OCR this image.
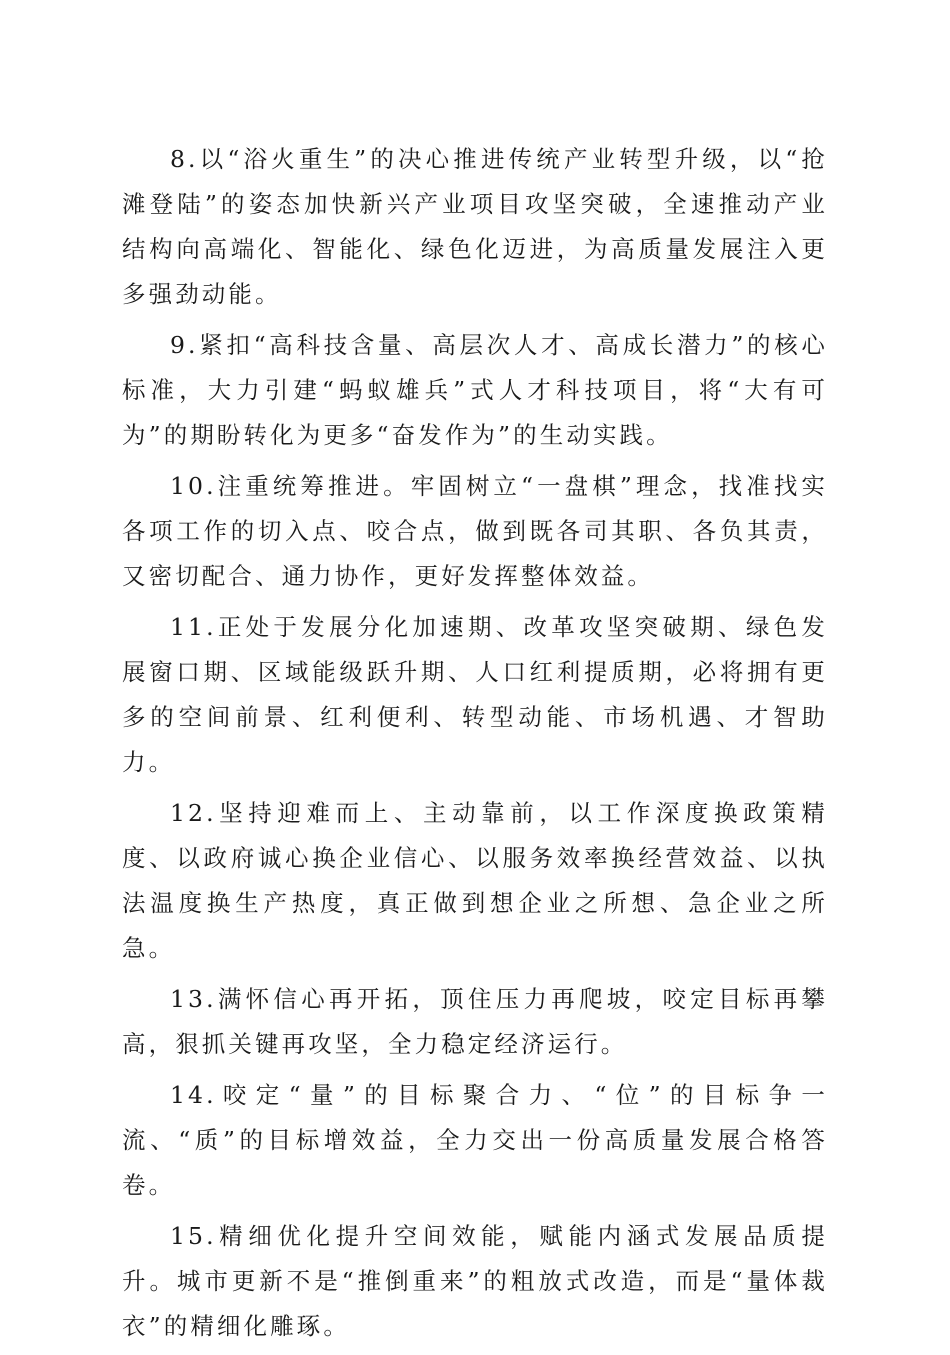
8.以“浴火重生”的决心推进传统产业转型升级，以“抢滩登陆”的姿态加快新兴产业项目攻坚突破，全速推动产业结构向高端化、智能化、绿色化迈进，为高质量发展注入更多强劲动能。

9.紧扣“高科技含量、高层次人才、高成长潜力”的核心标准，大力引建“蚂蚁雄兵”式人才科技项目，将“大有可为”的期盼转化为更多“奋发作为”的生动实践。

10.注重统筹推进。牢固树立“一盘棋”理念，找准找实各项工作的切入点、咬合点，做到既各司其职、各负其责，又密切配合、通力协作，更好发挥整体效益。

11.正处于发展分化加速期、改革攻坚突破期、绿色发展窗口期、区域能级跃升期、人口红利提质期，必将拥有更多的空间前景、红利便利、转型动能、市场机遇、才智助力。

12.坚持迎难而上、主动靠前，以工作深度换政策精度、以政府诚心换企业信心、以服务效率换经营效益、以执法温度换生产热度，真正做到想企业之所想、急企业之所急。

13.满怀信心再开拓，顶住压力再爬坡，咬定目标再攀高，狠抓关键再攻坚，全力稳定经济运行。

14.咬定“量”的目标聚合力、“位”的目标争一流、“质”的目标增效益，全力交出一份高质量发展合格答卷。

15.精细优化提升空间效能，赋能内涵式发展品质提升。城市更新不是“推倒重来”的粗放式改造，而是“量体裁衣”的精细化雕琢。
